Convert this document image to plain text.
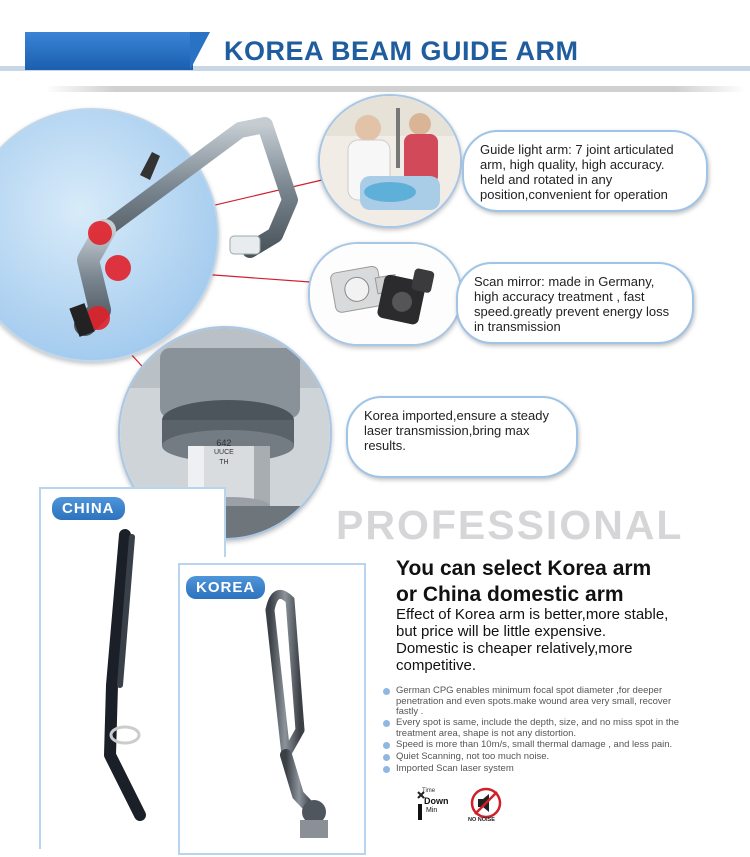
KOREA BEAM GUIDE ARM
Guide light arm: 7 joint articulated arm, high quality, high accuracy. held and rotated in any position,convenient for operation
Scan mirror: made in Germany, high accuracy treatment , fast speed.greatly prevent energy loss in transmission
642
UUCE
TH
Korea imported,ensure a steady laser transmission,bring max results.
CHINA
KOREA
PROFESSIONAL
You can select Korea arm
or China domestic arm
Effect of Korea arm is better,more stable,
but price will be little expensive.
Domestic is cheaper relatively,more
competitive.
German CPG enables minimum focal spot diameter ,for deeper
penetration and even spots.make wound area very small, recover
fastly .
Every spot is same, include the depth, size, and no miss spot in the
treatment area, shape is not any distortion.
Speed is more than 10m/s, small thermal damage , and less pain.
Quiet Scanning, not too much noise.
Imported Scan laser system
Time
Down
Min
NO NOISE
